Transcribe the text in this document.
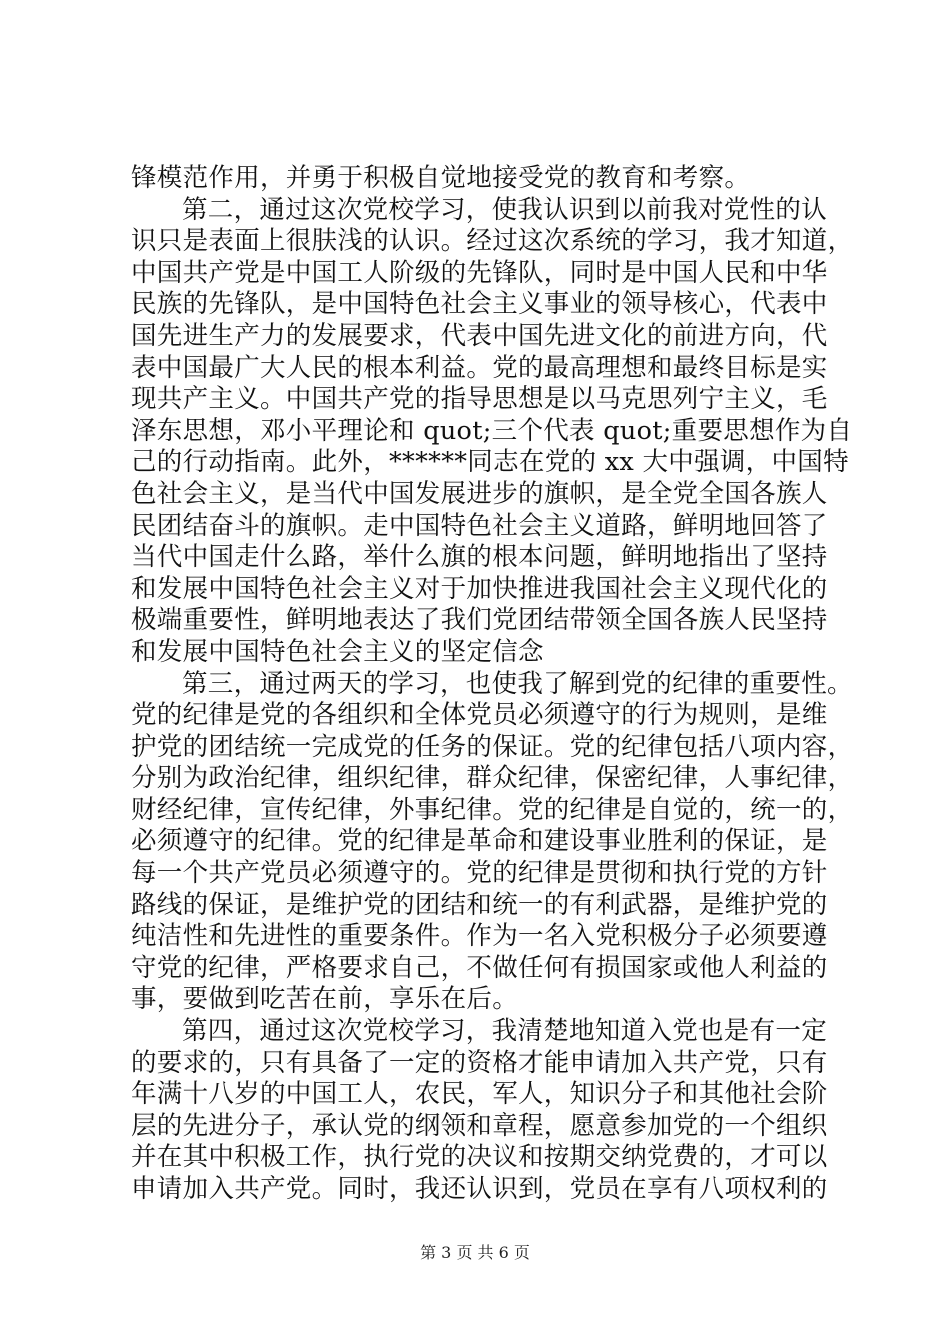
锋模范作用，并勇于积极自觉地接受党的教育和考察。
第二，通过这次党校学习，使我认识到以前我对党性的认
识只是表面上很肤浅的认识。经过这次系统的学习，我才知道，
中国共产党是中国工人阶级的先锋队，同时是中国人民和中华
民族的先锋队，是中国特色社会主义事业的领导核心，代表中
国先进生产力的发展要求，代表中国先进文化的前进方向，代
表中国最广大人民的根本利益。党的最高理想和最终目标是实
现共产主义。中国共产党的指导思想是以马克思列宁主义，毛
泽东思想，邓小平理论和 quot;三个代表 quot;重要思想作为自
己的行动指南。此外，******同志在党的 xx 大中强调，中国特
色社会主义，是当代中国发展进步的旗帜，是全党全国各族人
民团结奋斗的旗帜。走中国特色社会主义道路，鲜明地回答了
当代中国走什么路，举什么旗的根本问题，鲜明地指出了坚持
和发展中国特色社会主义对于加快推进我国社会主义现代化的
极端重要性，鲜明地表达了我们党团结带领全国各族人民坚持
和发展中国特色社会主义的坚定信念
第三，通过两天的学习，也使我了解到党的纪律的重要性。
党的纪律是党的各组织和全体党员必须遵守的行为规则，是维
护党的团结统一完成党的任务的保证。党的纪律包括八项内容，
分别为政治纪律，组织纪律，群众纪律，保密纪律，人事纪律，
财经纪律，宣传纪律，外事纪律。党的纪律是自觉的，统一的，
必须遵守的纪律。党的纪律是革命和建设事业胜利的保证，是
每一个共产党员必须遵守的。党的纪律是贯彻和执行党的方针
路线的保证，是维护党的团结和统一的有利武器，是维护党的
纯洁性和先进性的重要条件。作为一名入党积极分子必须要遵
守党的纪律，严格要求自己，不做任何有损国家或他人利益的
事，要做到吃苦在前，享乐在后。
第四，通过这次党校学习，我清楚地知道入党也是有一定
的要求的，只有具备了一定的资格才能申请加入共产党，只有
年满十八岁的中国工人，农民，军人，知识分子和其他社会阶
层的先进分子，承认党的纲领和章程，愿意参加党的一个组织
并在其中积极工作，执行党的决议和按期交纳党费的，才可以
申请加入共产党。同时，我还认识到，党员在享有八项权利的
第 3 页 共 6 页
